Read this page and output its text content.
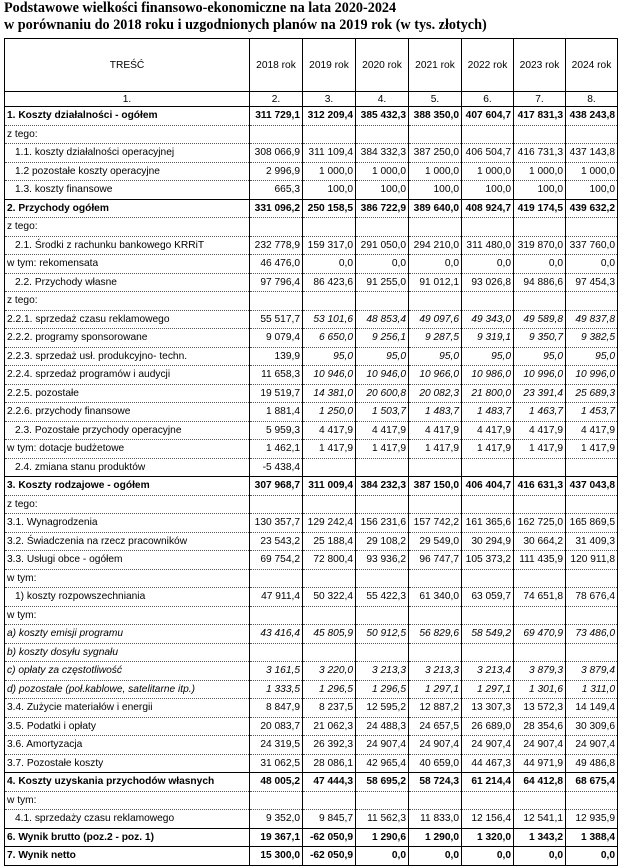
Podstawowe wielkości finansowo-ekonomiczne na lata 2020-2024
w porównaniu do 2018 roku i uzgodnionych planów na 2019 rok (w tys. złotych)
TREŚĆ	2018 rok	2019 rok	2020 rok	2021 rok	2022 rok	2023 rok	2024 rok
1.	2.	3.	4.	5.	6.	7.	8.
1. Koszty działalności - ogółem	311 729,1	312 209,4	385 432,3	388 350,0	407 604,7	417 831,3	438 243,8
z tego:							
1.1. koszty działalności operacyjnej	308 066,9	311 109,4	384 332,3	387 250,0	406 504,7	416 731,3	437 143,8
1.2 pozostałe koszty operacyjne	2 996,9	1 000,0	1 000,0	1 000,0	1 000,0	1 000,0	1 000,0
1.3. koszty finansowe	665,3	100,0	100,0	100,0	100,0	100,0	100,0
2. Przychody ogółem	331 096,2	250 158,5	386 722,9	389 640,0	408 924,7	419 174,5	439 632,2
z tego:							
2.1. Środki z rachunku bankowego KRRiT	232 778,9	159 317,0	291 050,0	294 210,0	311 480,0	319 870,0	337 760,0
w tym: rekomensata	46 476,0	0,0	0,0	0,0	0,0	0,0	0,0
2.2. Przychody własne	97 796,4	86 423,6	91 255,0	91 012,1	93 026,8	94 886,6	97 454,3
z tego:							
2.2.1. sprzedaż czasu reklamowego	55 517,7	53 101,6	48 853,4	49 097,6	49 343,0	49 589,8	49 837,8
2.2.2. programy sponsorowane	9 079,4	6 650,0	9 256,1	9 287,5	9 319,1	9 350,7	9 382,5
2.2.3. sprzedaż usł. produkcyjno- techn.	139,9	95,0	95,0	95,0	95,0	95,0	95,0
2.2.4. sprzedaż programów i audycji	11 658,3	10 946,0	10 946,0	10 966,0	10 986,0	10 996,0	10 996,0
2.2.5. pozostałe	19 519,7	14 381,0	20 600,8	20 082,3	21 800,0	23 391,4	25 689,3
2.2.6. przychody finansowe	1 881,4	1 250,0	1 503,7	1 483,7	1 483,7	1 463,7	1 453,7
2.3. Pozostałe przychody operacyjne	5 959,3	4 417,9	4 417,9	4 417,9	4 417,9	4 417,9	4 417,9
w tym: dotacje budżetowe	1 462,1	1 417,9	1 417,9	1 417,9	1 417,9	1 417,9	1 417,9
2.4. zmiana stanu produktów	-5 438,4						
3. Koszty rodzajowe - ogółem	307 968,7	311 009,4	384 232,3	387 150,0	406 404,7	416 631,3	437 043,8
z tego:							
3.1. Wynagrodzenia	130 357,7	129 242,4	156 231,6	157 742,2	161 365,6	162 725,0	165 869,5
3.2. Świadczenia na rzecz pracowników	23 543,2	25 188,4	29 108,2	29 549,0	30 294,9	30 664,2	31 409,3
3.3. Usługi obce - ogółem	69 754,2	72 800,4	93 936,2	96 747,7	105 373,2	111 435,9	120 911,8
w tym:							
1) koszty rozpowszechniania	47 911,4	50 322,4	55 422,3	61 340,0	63 059,7	74 651,8	78 676,4
w tym:							
a) koszty emisji programu	43 416,4	45 805,9	50 912,5	56 829,6	58 549,2	69 470,9	73 486,0
b) koszty dosyłu sygnału							
c) opłaty za częstotliwość	3 161,5	3 220,0	3 213,3	3 213,3	3 213,4	3 879,3	3 879,4
d) pozostałe (poł.kablowe, satelitarne itp.)	1 333,5	1 296,5	1 296,5	1 297,1	1 297,1	1 301,6	1 311,0
3.4. Zużycie materiałów i energii	8 847,9	8 237,5	12 595,2	12 887,2	13 307,3	13 572,3	14 149,4
3.5. Podatki i opłaty	20 083,7	21 062,3	24 488,3	24 657,5	26 689,0	28 354,6	30 309,6
3.6. Amortyzacja	24 319,5	26 392,3	24 907,4	24 907,4	24 907,4	24 907,4	24 907,4
3.7. Pozostałe koszty	31 062,5	28 086,1	42 965,4	40 659,0	44 467,3	44 971,9	49 486,8
4. Koszty uzyskania przychodów własnych	48 005,2	47 444,3	58 695,2	58 724,3	61 214,4	64 412,8	68 675,4
w tym:							
4.1. sprzedaży czasu reklamowego	9 352,0	9 845,7	11 562,3	11 833,0	12 156,4	12 541,1	12 935,9
6. Wynik brutto (poz.2 - poz. 1)	19 367,1	-62 050,9	1 290,6	1 290,0	1 320,0	1 343,2	1 388,4
7. Wynik netto	15 300,0	-62 050,9	0,0	0,0	0,0	0,0	0,0
